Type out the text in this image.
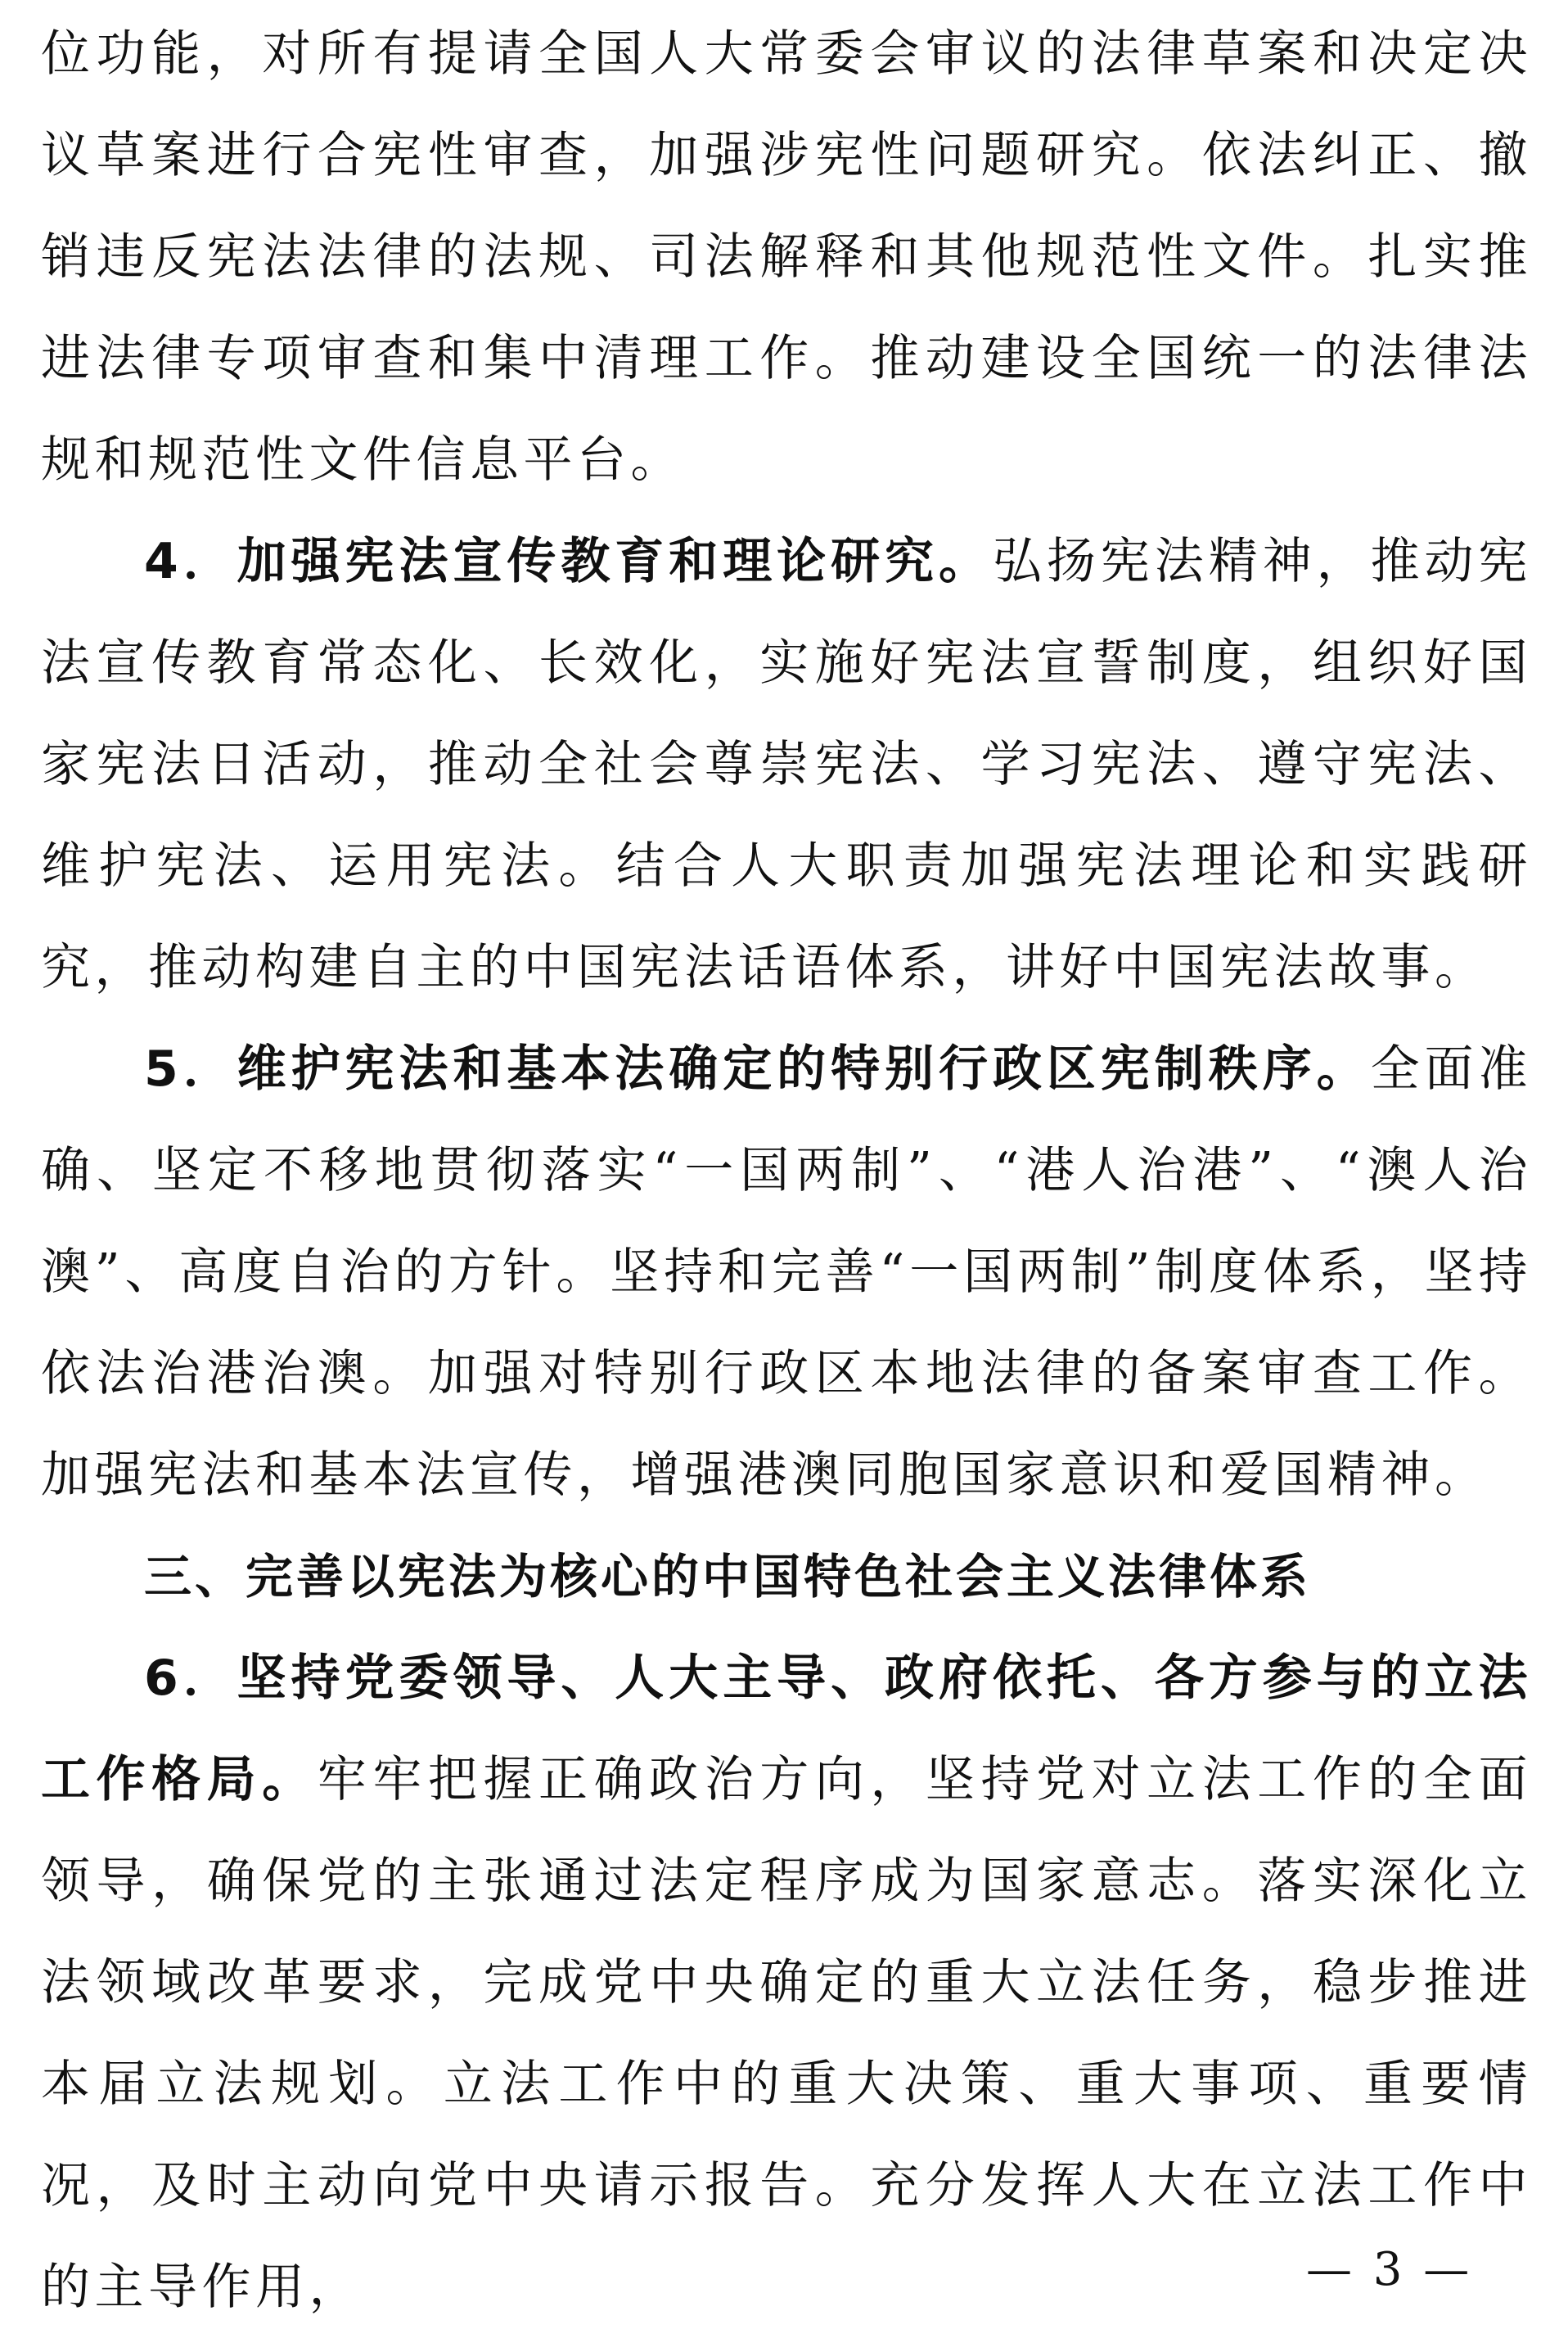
位功能，对所有提请全国人大常委会审议的法律草案和决定决议草案进行合宪性审查，加强涉宪性问题研究。依法纠正、撤销违反宪法法律的法规、司法解释和其他规范性文件。扎实推进法律专项审查和集中清理工作。推动建设全国统一的法律法规和规范性文件信息平台。

4．加强宪法宣传教育和理论研究。弘扬宪法精神，推动宪法宣传教育常态化、长效化，实施好宪法宣誓制度，组织好国家宪法日活动，推动全社会尊崇宪法、学习宪法、遵守宪法、维护宪法、运用宪法。结合人大职责加强宪法理论和实践研究，推动构建自主的中国宪法话语体系，讲好中国宪法故事。

5．维护宪法和基本法确定的特别行政区宪制秩序。全面准确、坚定不移地贯彻落实“一国两制”、“港人治港”、“澳人治澳”、高度自治的方针。坚持和完善“一国两制”制度体系，坚持依法治港治澳。加强对特别行政区本地法律的备案审查工作。加强宪法和基本法宣传，增强港澳同胞国家意识和爱国精神。

三、完善以宪法为核心的中国特色社会主义法律体系

6．坚持党委领导、人大主导、政府依托、各方参与的立法工作格局。牢牢把握正确政治方向，坚持党对立法工作的全面领导，确保党的主张通过法定程序成为国家意志。落实深化立法领域改革要求，完成党中央确定的重大立法任务，稳步推进本届立法规划。立法工作中的重大决策、重大事项、重要情况，及时主动向党中央请示报告。充分发挥人大在立法工作中的主导作用，	— 3 —
